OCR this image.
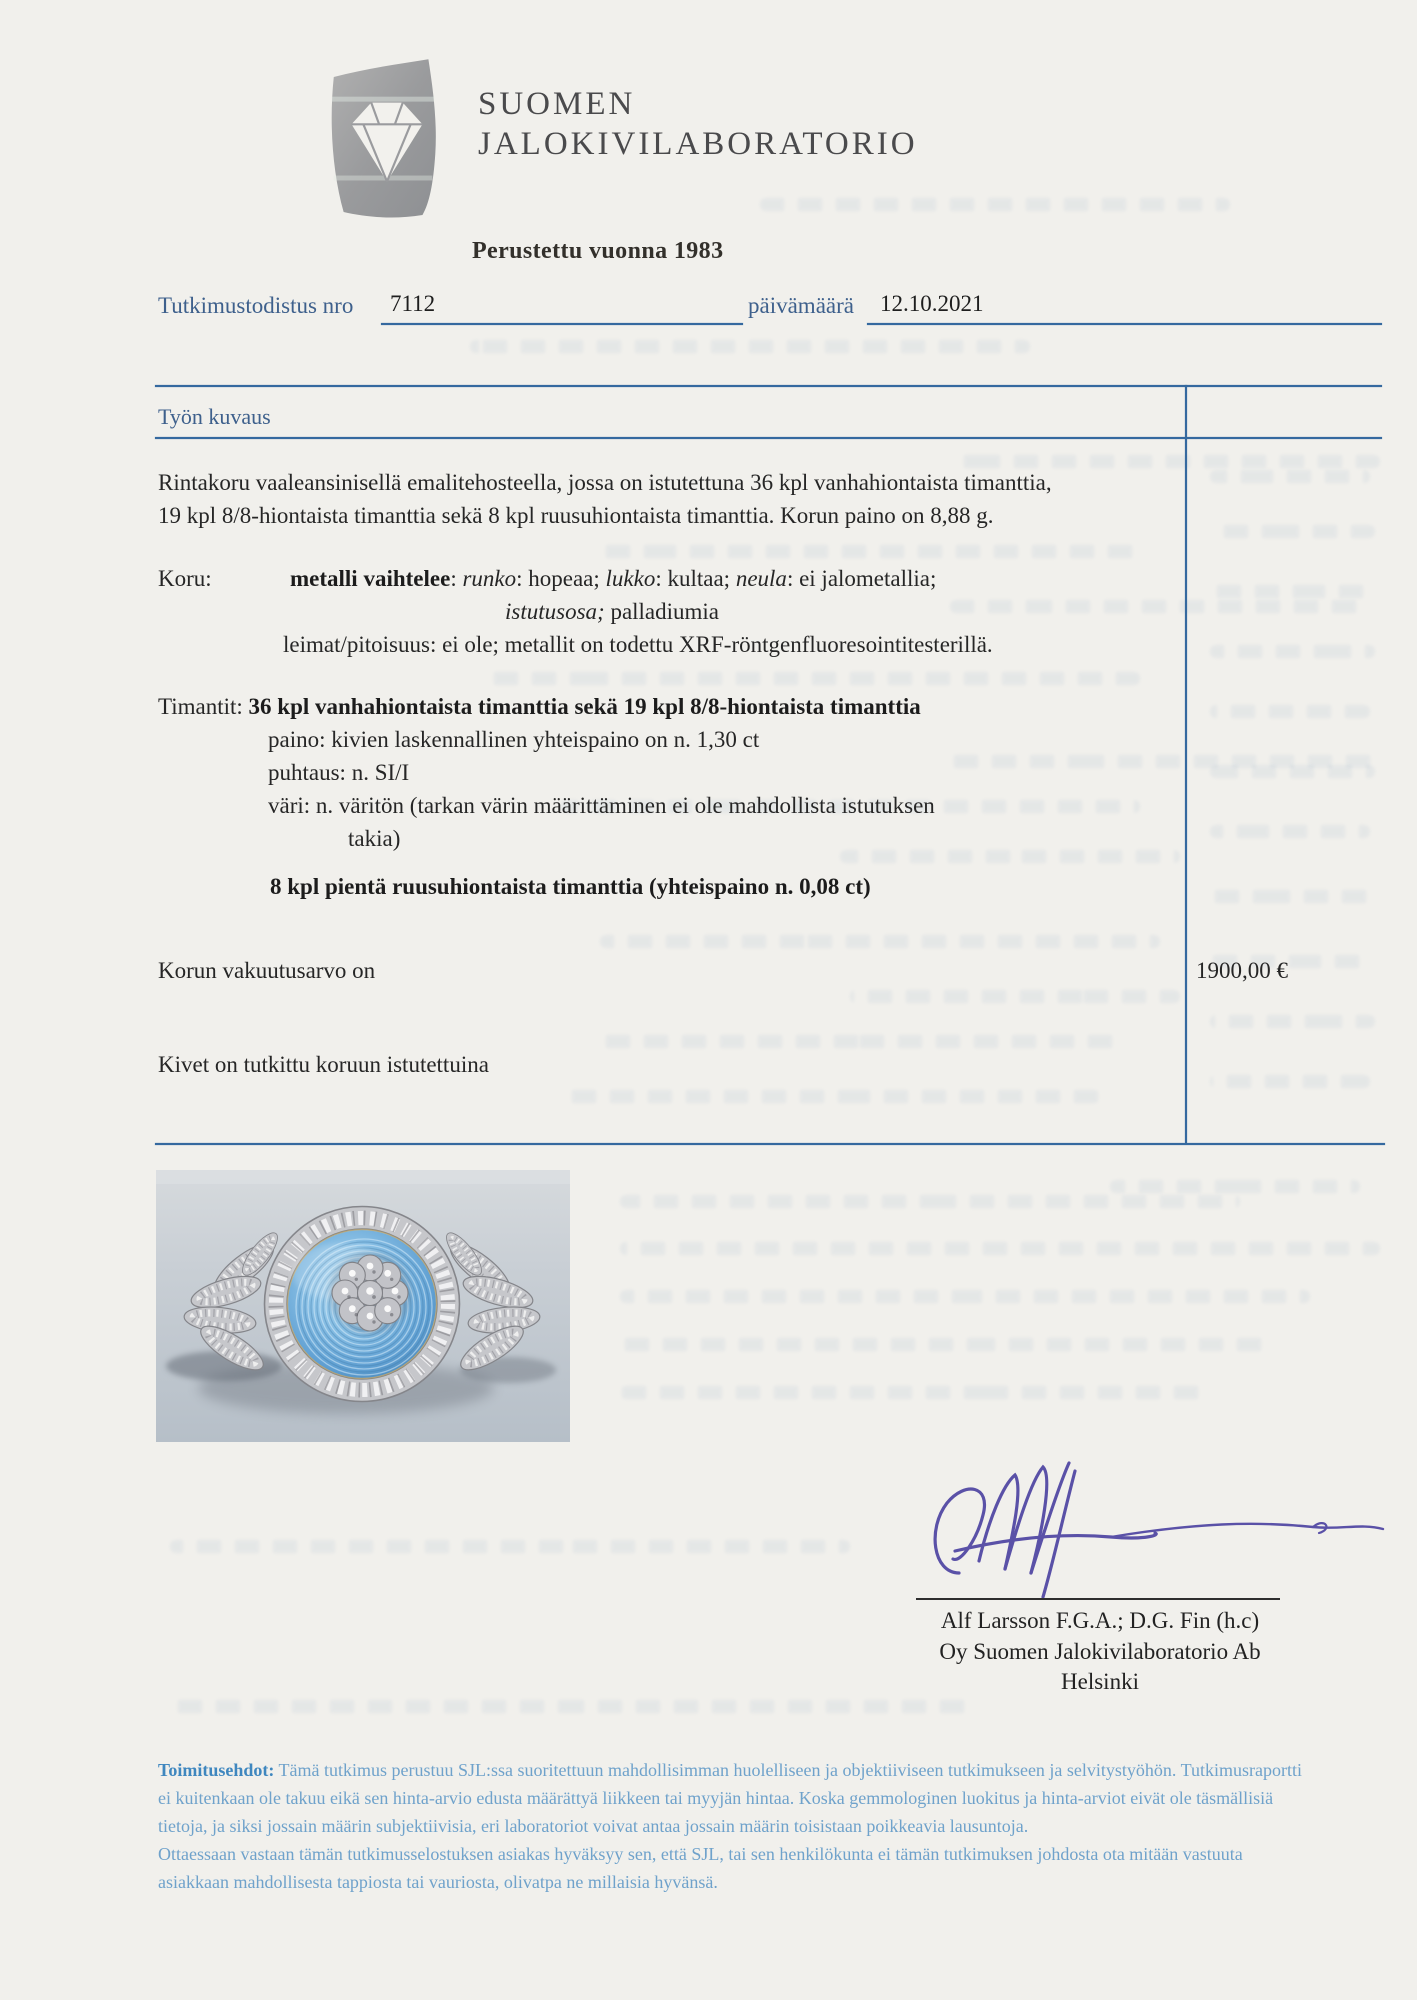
SUOMEN
JALOKIVILABORATORIO
Perustettu vuonna 1983
Tutkimustodistus nro 7112	päivämäärä 12.10.2021
Työn kuvaus
Rintakoru vaaleansinisellä emalitehosteella, jossa on istutettuna 36 kpl vanhahiontaista timanttia,
19 kpl 8/8-hiontaista timanttia sekä 8 kpl ruusuhiontaista timanttia. Korun paino on 8,88 g.
Koru:	metalli vaihtelee: runko: hopeaa; lukko: kultaa; neula: ei jalometallia;
istutusosa; palladiumia
leimat/pitoisuus: ei ole; metallit on todettu XRF-röntgenfluoresointitesterillä.
Timantit: 36 kpl vanhahiontaista timanttia sekä 19 kpl 8/8-hiontaista timanttia
paino: kivien laskennallinen yhteispaino on n. 1,30 ct
puhtaus: n. SI/I
väri: n. väritön (tarkan värin määrittäminen ei ole mahdollista istutuksen
takia)
8 kpl pientä ruusuhiontaista timanttia (yhteispaino n. 0,08 ct)
Korun vakuutusarvo on	1900,00 €
Kivet on tutkittu koruun istutettuina
Alf Larsson F.G.A.; D.G. Fin (h.c)
Oy Suomen Jalokivilaboratorio Ab
Helsinki
Toimitusehdot: Tämä tutkimus perustuu SJL:ssa suoritettuun mahdollisimman huolelliseen ja objektiiviseen tutkimukseen ja selvitystyöhön. Tutkimusraportti
ei kuitenkaan ole takuu eikä sen hinta-arvio edusta määrättyä liikkeen tai myyjän hintaa. Koska gemmologinen luokitus ja hinta-arviot eivät ole täsmällisiä
tietoja, ja siksi jossain määrin subjektiivisia, eri laboratoriot voivat antaa jossain määrin toisistaan poikkeavia lausuntoja.
Ottaessaan vastaan tämän tutkimusselostuksen asiakas hyväksyy sen, että SJL, tai sen henkilökunta ei tämän tutkimuksen johdosta ota mitään vastuuta
asiakkaan mahdollisesta tappiosta tai vauriosta, olivatpa ne millaisia hyvänsä.
